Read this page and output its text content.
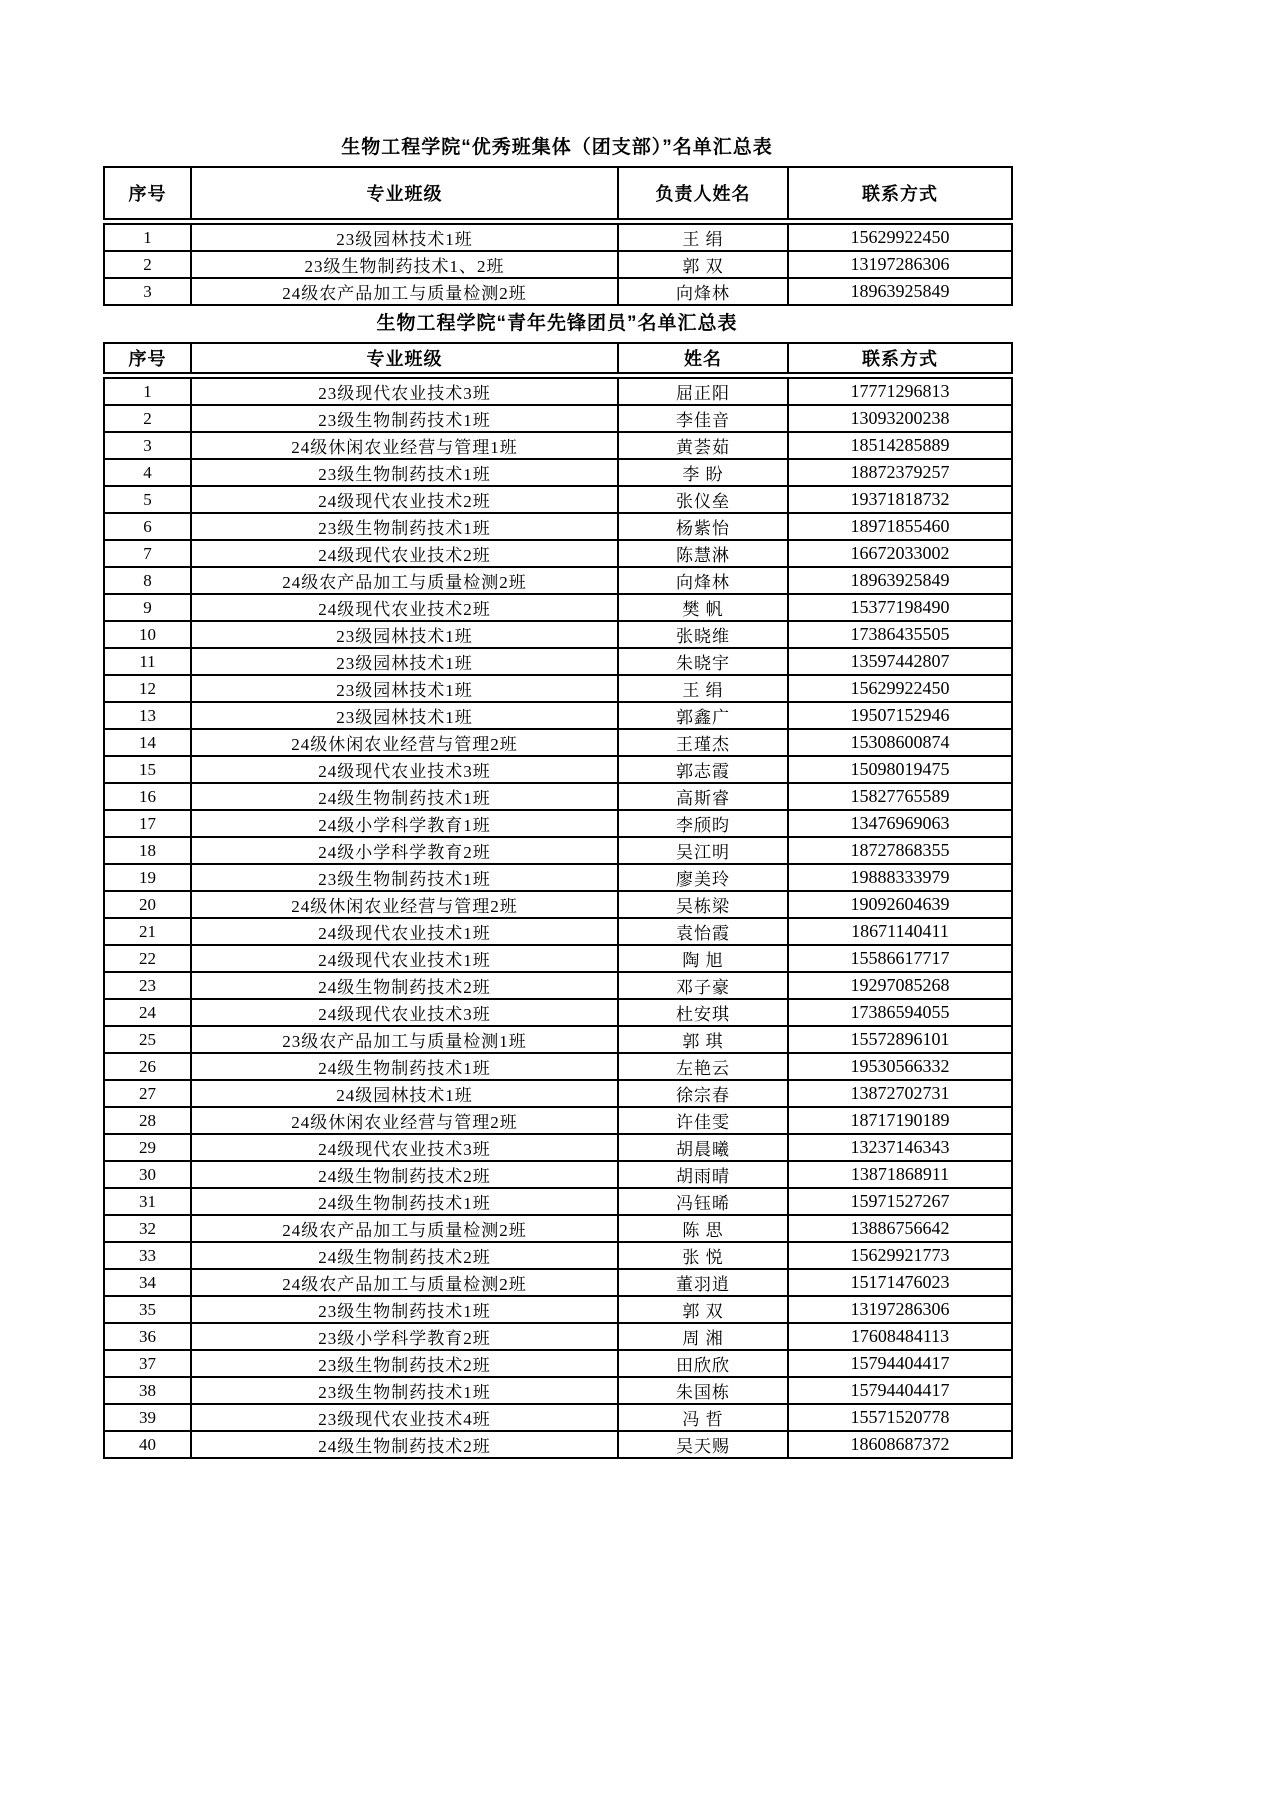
生物工程学院“优秀班集体（团支部）”名单汇总表
序号	专业班级	负责人姓名	联系方式
1	23级园林技术1班	王 绢	15629922450
2	23级生物制药技术1、2班	郭 双	13197286306
3	24级农产品加工与质量检测2班	向烽林	18963925849
生物工程学院“青年先锋团员”名单汇总表
序号	专业班级	姓名	联系方式
1	23级现代农业技术3班	屈正阳	17771296813
2	23级生物制药技术1班	李佳音	13093200238
3	24级休闲农业经营与管理1班	黄荟茹	18514285889
4	23级生物制药技术1班	李 盼	18872379257
5	24级现代农业技术2班	张仪垒	19371818732
6	23级生物制药技术1班	杨紫怡	18971855460
7	24级现代农业技术2班	陈慧淋	16672033002
8	24级农产品加工与质量检测2班	向烽林	18963925849
9	24级现代农业技术2班	樊 帆	15377198490
10	23级园林技术1班	张晓维	17386435505
11	23级园林技术1班	朱晓宇	13597442807
12	23级园林技术1班	王 绢	15629922450
13	23级园林技术1班	郭鑫广	19507152946
14	24级休闲农业经营与管理2班	王瑾杰	15308600874
15	24级现代农业技术3班	郭志霞	15098019475
16	24级生物制药技术1班	高斯睿	15827765589
17	24级小学科学教育1班	李颀昀	13476969063
18	24级小学科学教育2班	吴江明	18727868355
19	23级生物制药技术1班	廖美玲	19888333979
20	24级休闲农业经营与管理2班	吴栋梁	19092604639
21	24级现代农业技术1班	袁怡霞	18671140411
22	24级现代农业技术1班	陶 旭	15586617717
23	24级生物制药技术2班	邓子豪	19297085268
24	24级现代农业技术3班	杜安琪	17386594055
25	23级农产品加工与质量检测1班	郭 琪	15572896101
26	24级生物制药技术1班	左艳云	19530566332
27	24级园林技术1班	徐宗春	13872702731
28	24级休闲农业经营与管理2班	许佳雯	18717190189
29	24级现代农业技术3班	胡晨曦	13237146343
30	24级生物制药技术2班	胡雨晴	13871868911
31	24级生物制药技术1班	冯钰晞	15971527267
32	24级农产品加工与质量检测2班	陈 思	13886756642
33	24级生物制药技术2班	张 悦	15629921773
34	24级农产品加工与质量检测2班	董羽逍	15171476023
35	23级生物制药技术1班	郭 双	13197286306
36	23级小学科学教育2班	周 湘	17608484113
37	23级生物制药技术2班	田欣欣	15794404417
38	23级生物制药技术1班	朱国栋	15794404417
39	23级现代农业技术4班	冯 哲	15571520778
40	24级生物制药技术2班	吴天赐	18608687372
